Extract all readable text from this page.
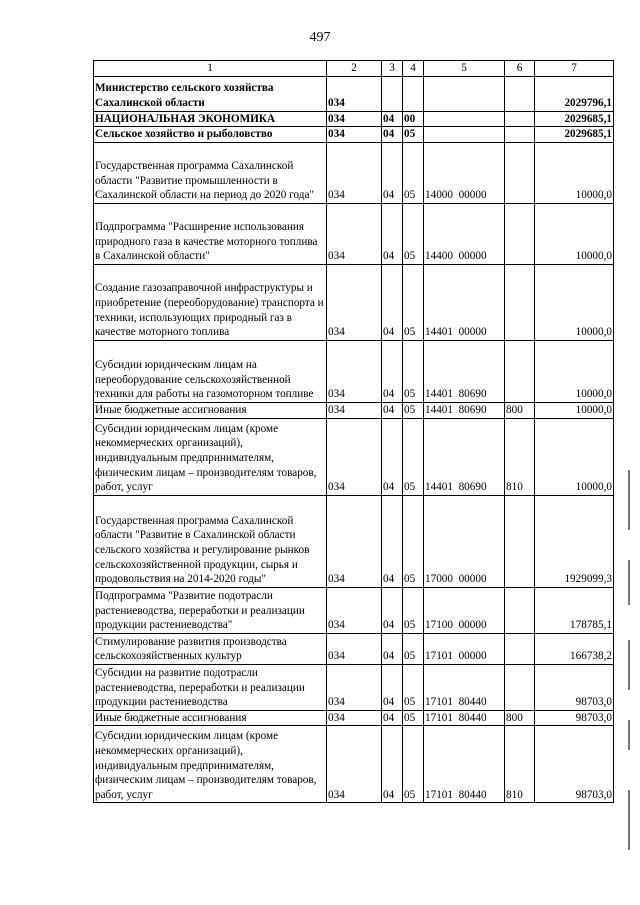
497
1	2	3	4	5	6	7
Министерство сельского хозяйства Сахалинской области	034					2029796,1
НАЦИОНАЛЬНАЯ ЭКОНОМИКА	034	04	00			2029685,1
Сельское хозяйство и рыболовство	034	04	05			2029685,1
Государственная программа Сахалинской области "Развитие промышленности в Сахалинской области на период до 2020 года"	034	04	05	14000  00000		10000,0
Подпрограмма "Расширение использования природного газа в качестве моторного топлива в Сахалинской области"	034	04	05	14400  00000		10000,0
Создание газозаправочной инфраструктуры и приобретение (переоборудование) транспорта и техники, использующих природный газ в качестве моторного топлива	034	04	05	14401  00000		10000,0
Субсидии юридическим лицам на переоборудование сельскохозяйственной техники для работы на газомоторном топливе	034	04	05	14401  80690		10000,0
Иные бюджетные ассигнования	034	04	05	14401  80690	800	10000,0
Субсидии юридическим лицам (кроме некоммерческих организаций), индивидуальным предпринимателям, физическим лицам – производителям товаров, работ, услуг	034	04	05	14401  80690	810	10000,0
Государственная программа Сахалинской области "Развитие в Сахалинской области сельского хозяйства и регулирование рынков сельскохозяйственной продукции, сырья и продовольствия на 2014-2020 годы"	034	04	05	17000  00000		1929099,3
Подпрограмма "Развитие подотрасли растениеводства, переработки и реализации продукции растениеводства"	034	04	05	17100  00000		178785,1
Стимулирование развития производства сельскохозяйственных культур	034	04	05	17101  00000		166738,2
Субсидии на развитие подотрасли растениеводства, переработки и реализации продукции растениеводства	034	04	05	17101  80440		98703,0
Иные бюджетные ассигнования	034	04	05	17101  80440	800	98703,0
Субсидии юридическим лицам (кроме некоммерческих организаций), индивидуальным предпринимателям, физическим лицам – производителям товаров, работ, услуг	034	04	05	17101  80440	810	98703,0
